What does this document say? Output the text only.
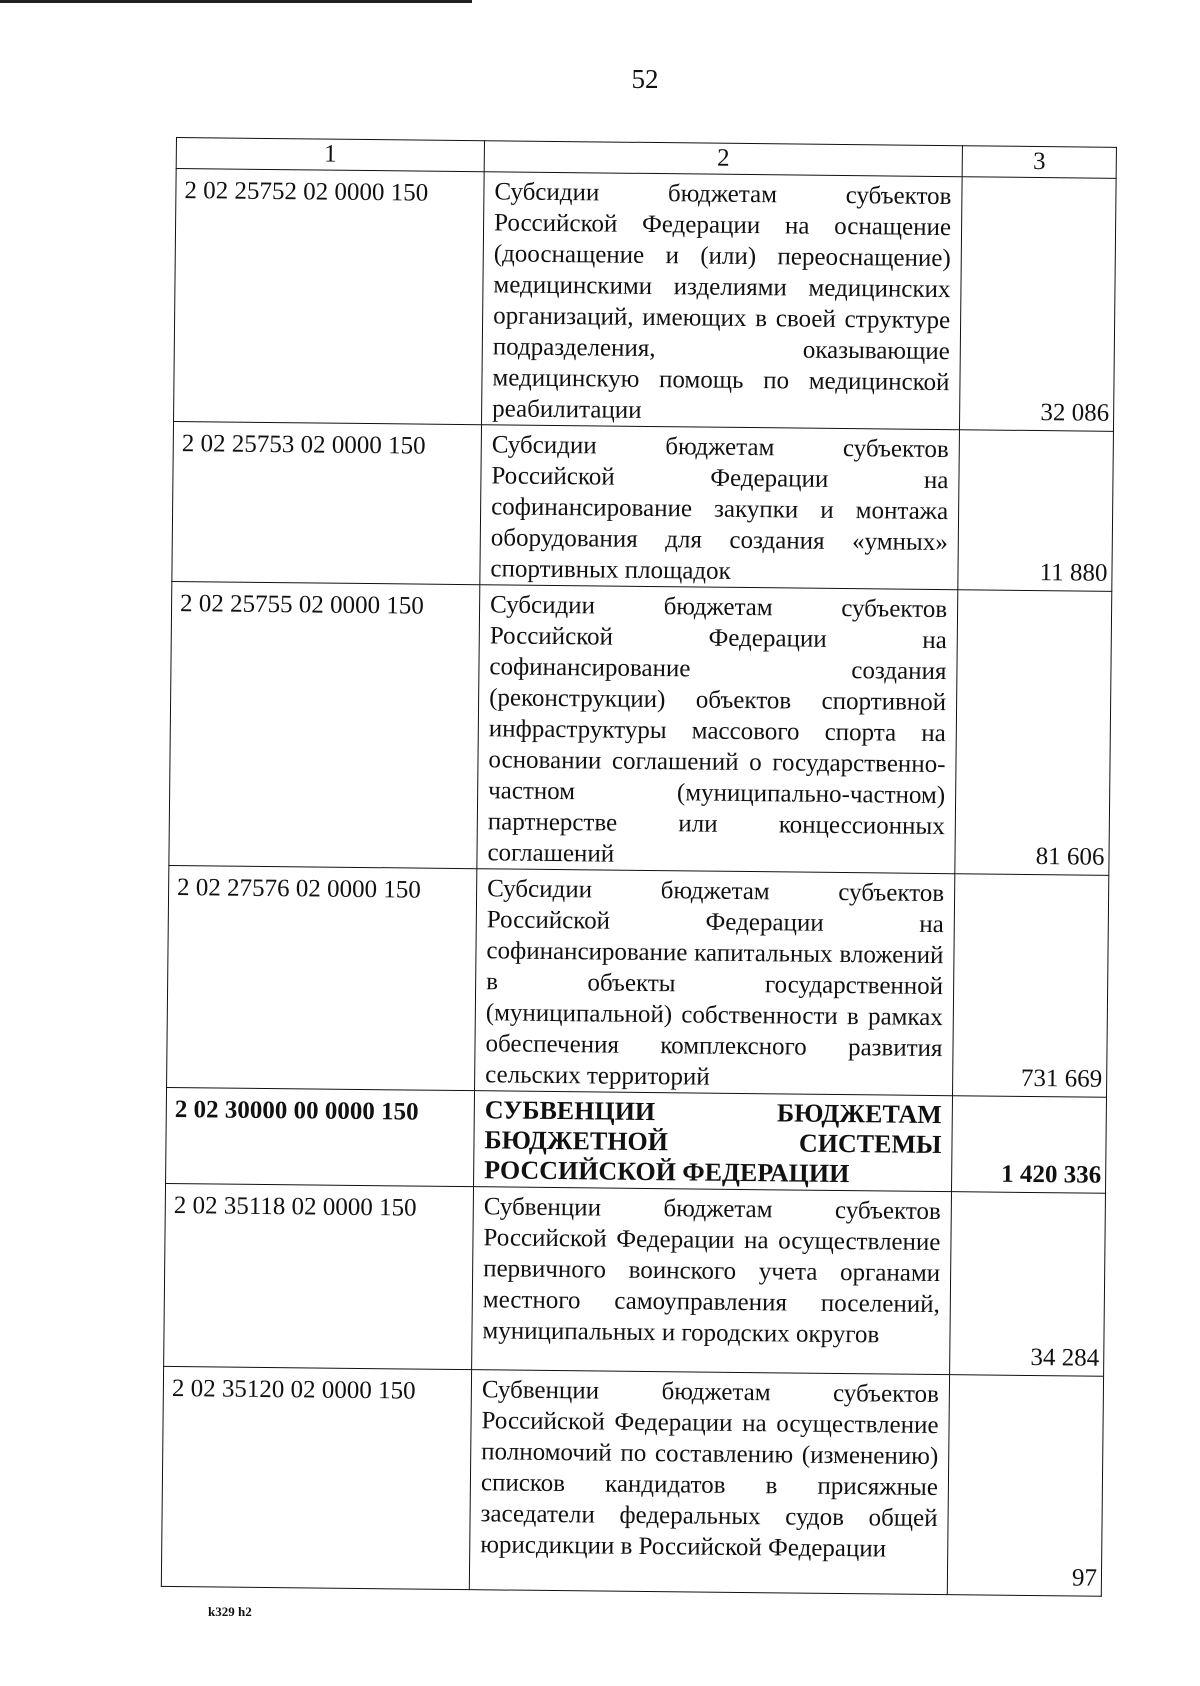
52
1	2	3
2 02 25752 02 0000 150	Субсидии бюджетам субъектов Российской Федерации на оснащение (дооснащение и (или) переоснащение) медицинскими изделиями медицинских организаций, имеющих в своей структуре подразделения, оказывающие медицинскую помощь по медицинской реабилитации	32 086
2 02 25753 02 0000 150	Субсидии бюджетам субъектов Российской Федерации на софинансирование закупки и монтажа оборудования для создания «умных» спортивных площадок	11 880
2 02 25755 02 0000 150	Субсидии бюджетам субъектов Российской Федерации на софинансирование создания (реконструкции) объектов спортивной инфраструктуры массового спорта на основании соглашений о государственно-частном (муниципально-частном) партнерстве или концессионных соглашений	81 606
2 02 27576 02 0000 150	Субсидии бюджетам субъектов Российской Федерации на софинансирование капитальных вложений в объекты государственной (муниципальной) собственности в рамках обеспечения комплексного развития сельских территорий	731 669
2 02 30000 00 0000 150	СУБВЕНЦИИ БЮДЖЕТАМ БЮДЖЕТНОЙ СИСТЕМЫ РОССИЙСКОЙ ФЕДЕРАЦИИ	1 420 336
2 02 35118 02 0000 150	Субвенции бюджетам субъектов Российской Федерации на осуществление первичного воинского учета органами местного самоуправления поселений, муниципальных и городских округов	34 284
2 02 35120 02 0000 150	Субвенции бюджетам субъектов Российской Федерации на осуществление полномочий по составлению (изменению) списков кандидатов в присяжные заседатели федеральных судов общей юрисдикции в Российской Федерации	97
k329 h2
